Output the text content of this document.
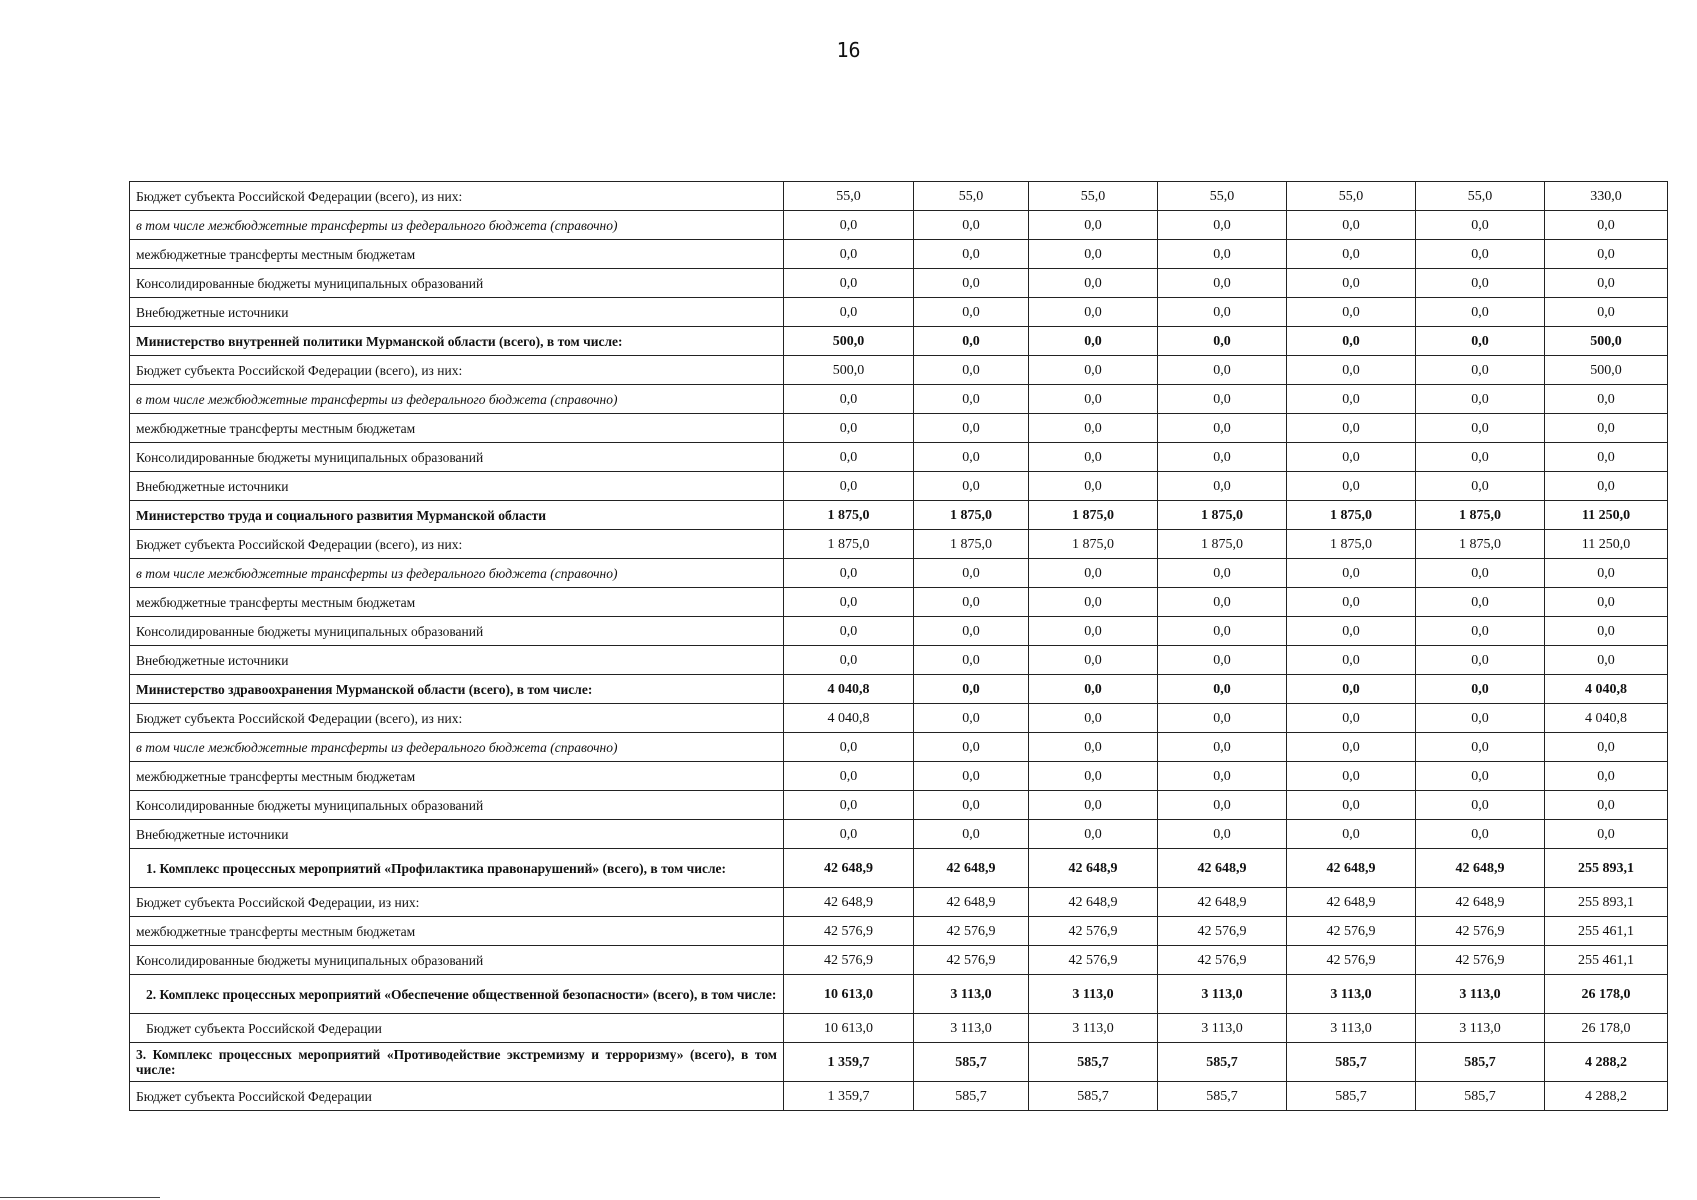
16
Бюджет субъекта Российской Федерации (всего), из них:	55,0	55,0	55,0	55,0	55,0	55,0	330,0
в том числе межбюджетные трансферты из федерального бюджета (справочно)	0,0	0,0	0,0	0,0	0,0	0,0	0,0
межбюджетные трансферты местным бюджетам	0,0	0,0	0,0	0,0	0,0	0,0	0,0
Консолидированные бюджеты муниципальных образований	0,0	0,0	0,0	0,0	0,0	0,0	0,0
Внебюджетные источники	0,0	0,0	0,0	0,0	0,0	0,0	0,0
Министерство внутренней политики Мурманской области (всего), в том числе:	500,0	0,0	0,0	0,0	0,0	0,0	500,0
Бюджет субъекта Российской Федерации (всего), из них:	500,0	0,0	0,0	0,0	0,0	0,0	500,0
в том числе межбюджетные трансферты из федерального бюджета (справочно)	0,0	0,0	0,0	0,0	0,0	0,0	0,0
межбюджетные трансферты местным бюджетам	0,0	0,0	0,0	0,0	0,0	0,0	0,0
Консолидированные бюджеты муниципальных образований	0,0	0,0	0,0	0,0	0,0	0,0	0,0
Внебюджетные источники	0,0	0,0	0,0	0,0	0,0	0,0	0,0
Министерство труда и социального развития Мурманской области	1 875,0	1 875,0	1 875,0	1 875,0	1 875,0	1 875,0	11 250,0
Бюджет субъекта Российской Федерации (всего), из них:	1 875,0	1 875,0	1 875,0	1 875,0	1 875,0	1 875,0	11 250,0
в том числе межбюджетные трансферты из федерального бюджета (справочно)	0,0	0,0	0,0	0,0	0,0	0,0	0,0
межбюджетные трансферты местным бюджетам	0,0	0,0	0,0	0,0	0,0	0,0	0,0
Консолидированные бюджеты муниципальных образований	0,0	0,0	0,0	0,0	0,0	0,0	0,0
Внебюджетные источники	0,0	0,0	0,0	0,0	0,0	0,0	0,0
Министерство здравоохранения Мурманской области (всего), в том числе:	4 040,8	0,0	0,0	0,0	0,0	0,0	4 040,8
Бюджет субъекта Российской Федерации (всего), из них:	4 040,8	0,0	0,0	0,0	0,0	0,0	4 040,8
в том числе межбюджетные трансферты из федерального бюджета (справочно)	0,0	0,0	0,0	0,0	0,0	0,0	0,0
межбюджетные трансферты местным бюджетам	0,0	0,0	0,0	0,0	0,0	0,0	0,0
Консолидированные бюджеты муниципальных образований	0,0	0,0	0,0	0,0	0,0	0,0	0,0
Внебюджетные источники	0,0	0,0	0,0	0,0	0,0	0,0	0,0
1. Комплекс процессных мероприятий «Профилактика правонарушений» (всего), в том числе:	42 648,9	42 648,9	42 648,9	42 648,9	42 648,9	42 648,9	255 893,1
Бюджет субъекта Российской Федерации, из них:	42 648,9	42 648,9	42 648,9	42 648,9	42 648,9	42 648,9	255 893,1
межбюджетные трансферты местным бюджетам	42 576,9	42 576,9	42 576,9	42 576,9	42 576,9	42 576,9	255 461,1
Консолидированные бюджеты муниципальных образований	42 576,9	42 576,9	42 576,9	42 576,9	42 576,9	42 576,9	255 461,1
2. Комплекс процессных мероприятий «Обеспечение общественной безопасности» (всего), в том числе:	10 613,0	3 113,0	3 113,0	3 113,0	3 113,0	3 113,0	26 178,0
Бюджет субъекта Российской Федерации	10 613,0	3 113,0	3 113,0	3 113,0	3 113,0	3 113,0	26 178,0
3. Комплекс процессных мероприятий «Противодействие экстремизму и терроризму» (всего), в том числе:	1 359,7	585,7	585,7	585,7	585,7	585,7	4 288,2
Бюджет субъекта Российской Федерации	1 359,7	585,7	585,7	585,7	585,7	585,7	4 288,2
